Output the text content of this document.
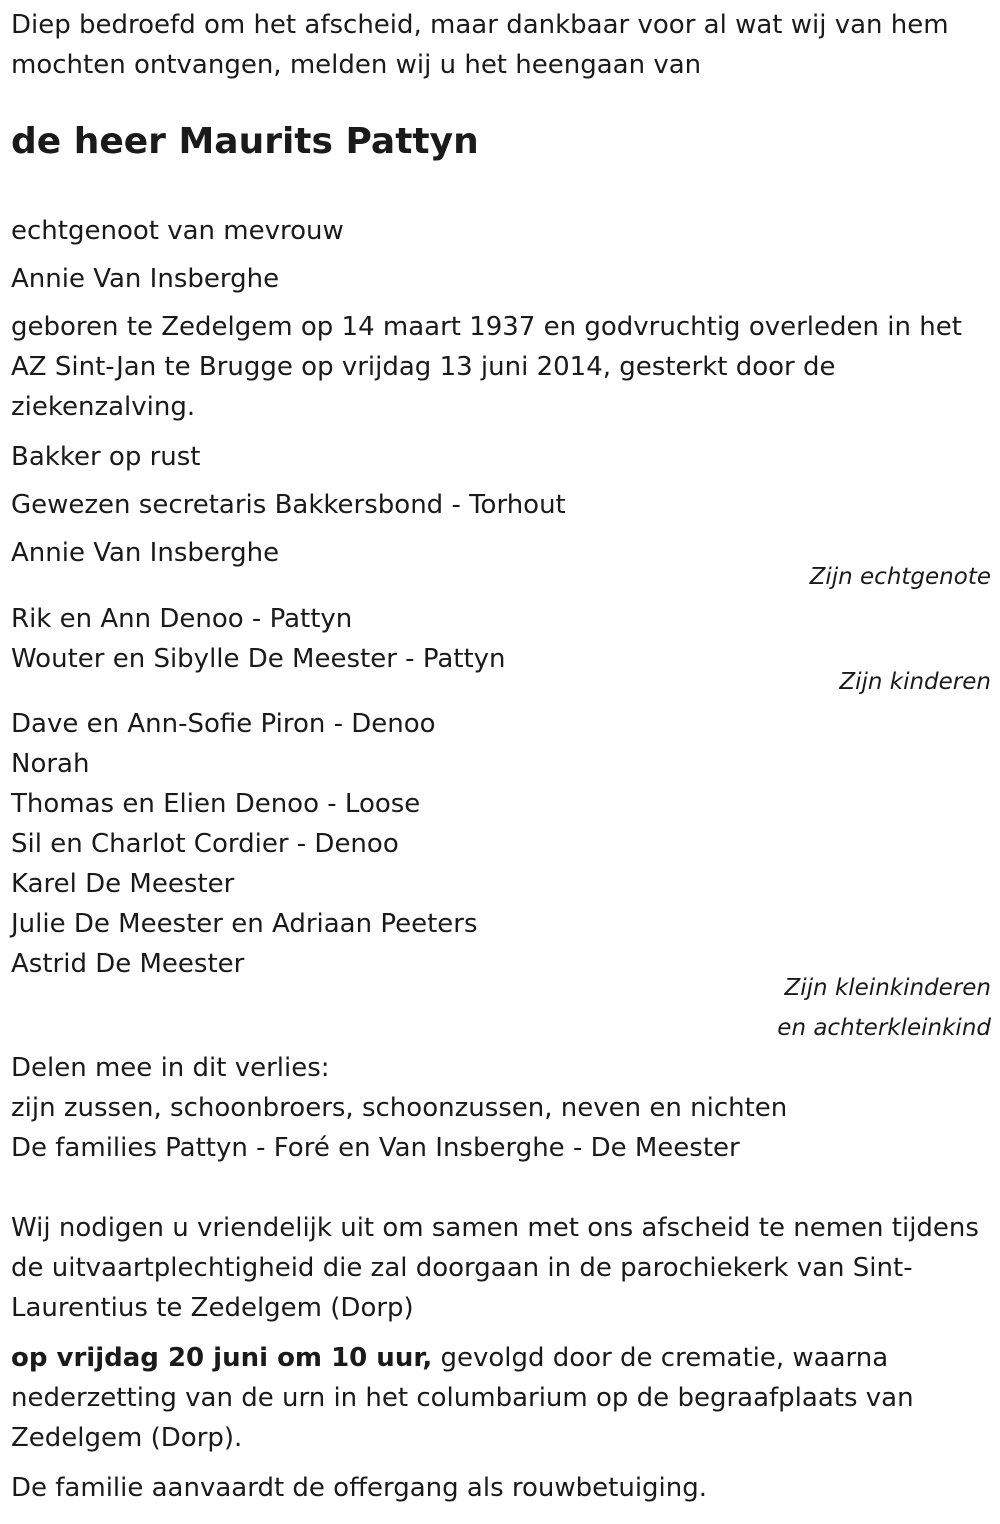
Diep bedroefd om het afscheid, maar dankbaar voor al wat wij van hem mochten ontvangen, melden wij u het heengaan van

de heer Maurits Pattyn
echtgenoot van mevrouw
Annie Van Insberghe

geboren te Zedelgem op 14 maart 1937 en godvruchtig overleden in het AZ Sint-Jan te Brugge op vrijdag 13 juni 2014, gesterkt door de ziekenzalving.

Bakker op rust
Gewezen secretaris Bakkersbond - Torhout
Annie Van Insberghe
Zijn echtgenote
Rik en Ann Denoo - Pattyn
Wouter en Sibylle De Meester - Pattyn
Zijn kinderen
Dave en Ann-Sofie Piron - Denoo
Norah
Thomas en Elien Denoo - Loose
Sil en Charlot Cordier - Denoo
Karel De Meester
Julie De Meester en Adriaan Peeters
Astrid De Meester
Zijn kleinkinderen
en achterkleinkind
Delen mee in dit verlies:
zijn zussen, schoonbroers, schoonzussen, neven en nichten
De families Pattyn - Foré en Van Insberghe - De Meester

Wij nodigen u vriendelijk uit om samen met ons afscheid te nemen tijdens de uitvaartplechtigheid die zal doorgaan in de parochiekerk van Sint-Laurentius te Zedelgem (Dorp)

op vrijdag 20 juni om 10 uur, gevolgd door de crematie, waarna nederzetting van de urn in het columbarium op de begraafplaats van Zedelgem (Dorp).

De familie aanvaardt de offergang als rouwbetuiging.
